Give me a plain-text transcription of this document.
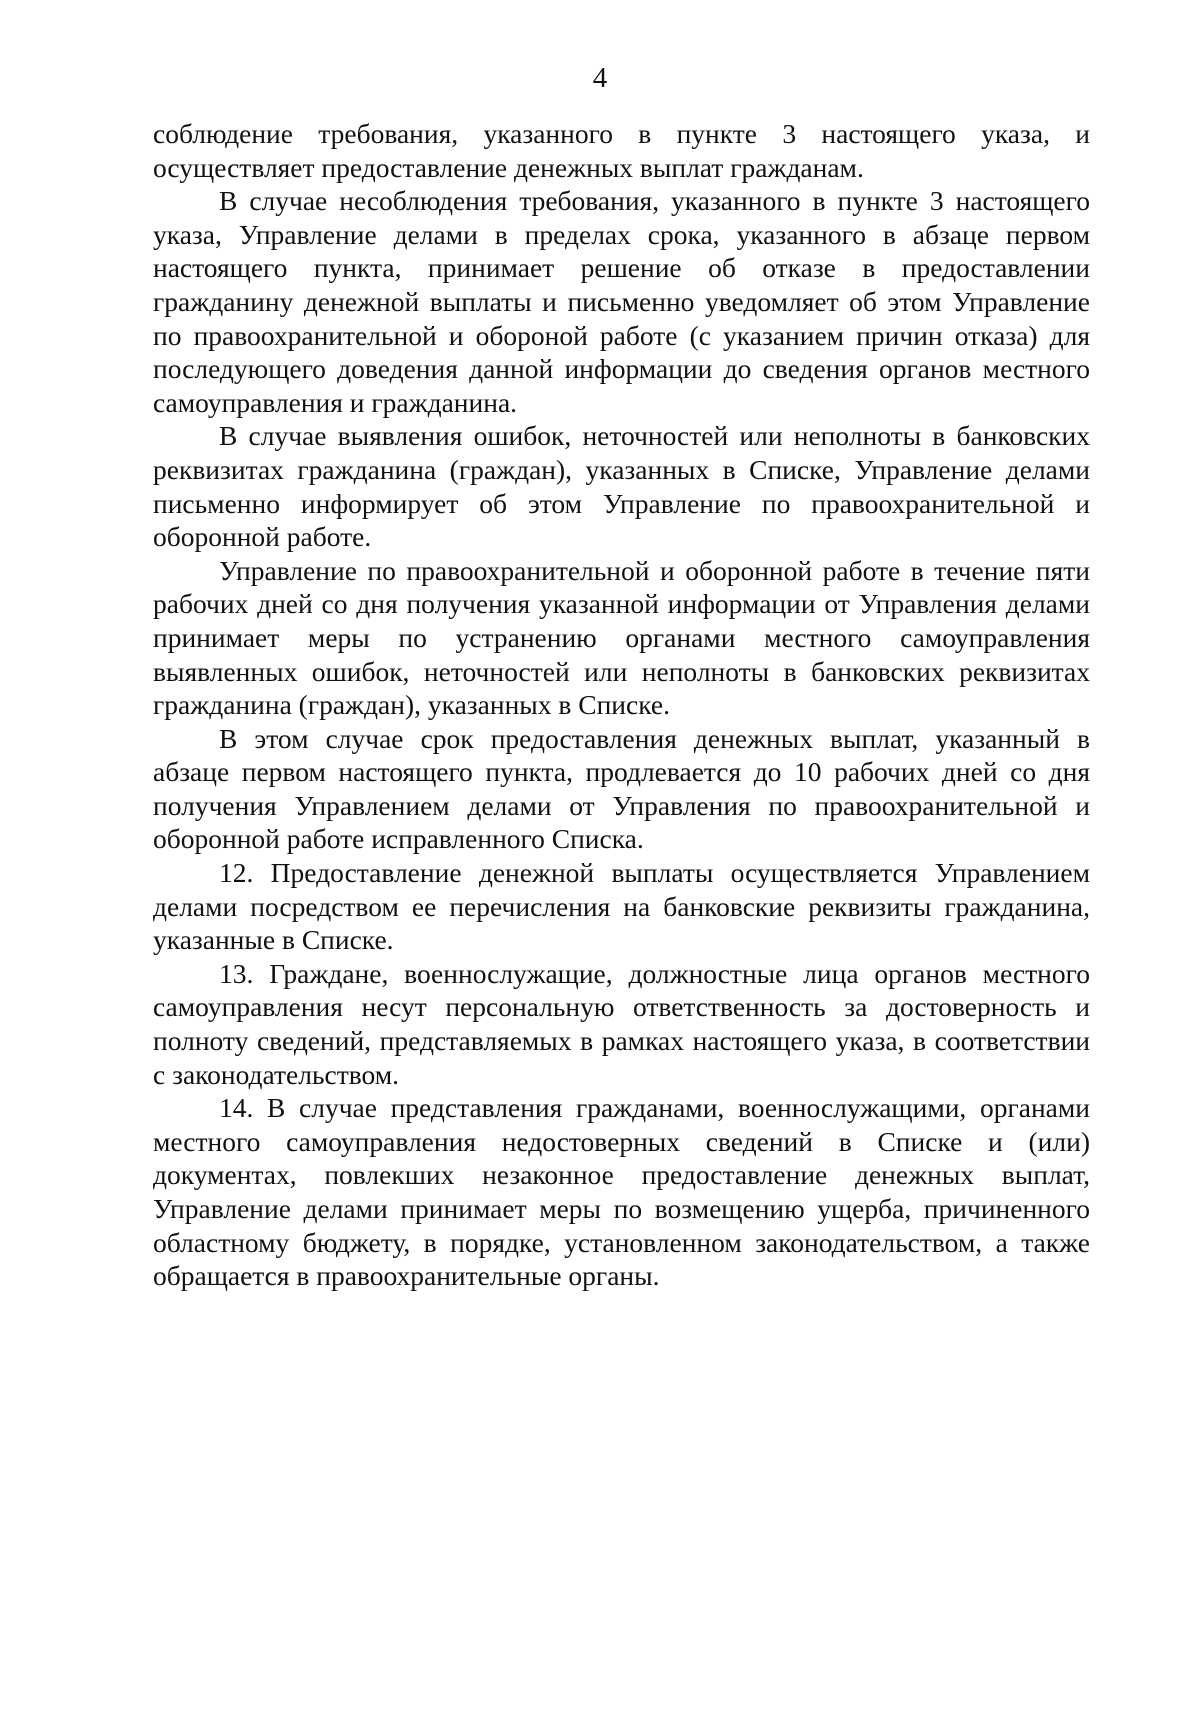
4

соблюдение требования, указанного в пункте 3 настоящего указа, и осуществляет предоставление денежных выплат гражданам.

В случае несоблюдения требования, указанного в пункте 3 настоящего указа, Управление делами в пределах срока, указанного в абзаце первом настоящего пункта, принимает решение об отказе в предоставлении гражданину денежной выплаты и письменно уведомляет об этом Управление по правоохранительной и обороной работе (с указанием причин отказа) для последующего доведения данной информации до сведения органов местного самоуправления и гражданина.

В случае выявления ошибок, неточностей или неполноты в банковских реквизитах гражданина (граждан), указанных в Списке, Управление делами письменно информирует об этом Управление по правоохранительной и оборонной работе.

Управление по правоохранительной и оборонной работе в течение пяти рабочих дней со дня получения указанной информации от Управления делами принимает меры по устранению органами местного самоуправления выявленных ошибок, неточностей или неполноты в банковских реквизитах гражданина (граждан), указанных в Списке.

В этом случае срок предоставления денежных выплат, указанный в абзаце первом настоящего пункта, продлевается до 10 рабочих дней со дня получения Управлением делами от Управления по правоохранительной и оборонной работе исправленного Списка.

12. Предоставление денежной выплаты осуществляется Управлением делами посредством ее перечисления на банковские реквизиты гражданина, указанные в Списке.

13. Граждане, военнослужащие, должностные лица органов местного самоуправления несут персональную ответственность за достоверность и полноту сведений, представляемых в рамках настоящего указа, в соответствии с законодательством.

14. В случае представления гражданами, военнослужащими, органами местного самоуправления недостоверных сведений в Списке и (или) документах, повлекших незаконное предоставление денежных выплат, Управление делами принимает меры по возмещению ущерба, причиненного областному бюджету, в порядке, установленном законодательством, а также обращается в правоохранительные органы.
